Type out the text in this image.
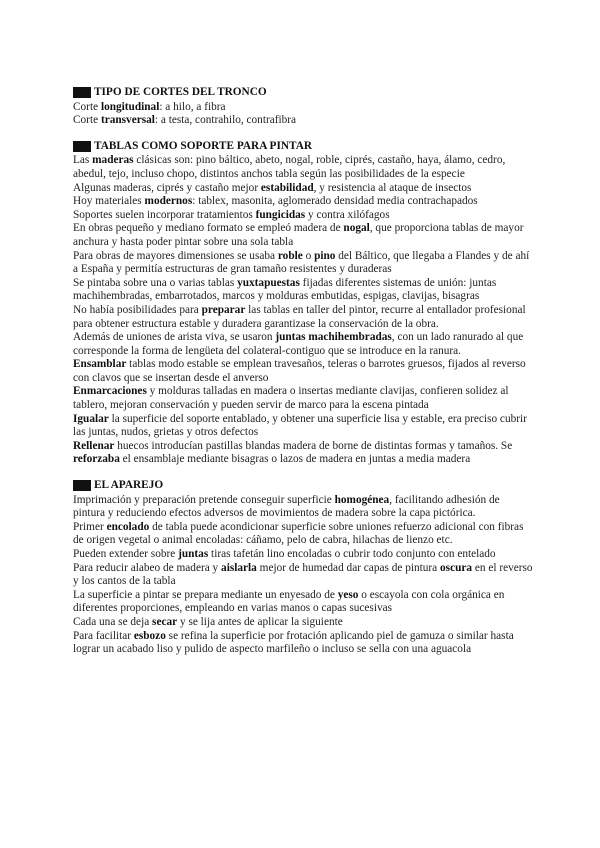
TIPO DE CORTES DEL TRONCO
Corte longitudinal: a hilo, a fibra
Corte transversal: a testa, contrahilo, contrafibra
TABLAS COMO SOPORTE PARA PINTAR
Las maderas clásicas son: pino báltico, abeto, nogal, roble, ciprés, castaño, haya, álamo, cedro, abedul, tejo, incluso chopo, distintos anchos tabla según las posibilidades de la especie
Algunas maderas, ciprés y castaño mejor estabilidad, y resistencia al ataque de insectos
Hoy materiales modernos: tablex, masonita, aglomerado densidad media contrachapados
Soportes suelen incorporar tratamientos fungicidas y contra xilófagos
En obras pequeño y mediano formato se empleó madera de nogal, que proporciona tablas de mayor anchura y hasta poder pintar sobre una sola tabla
Para obras de mayores dimensiones se usaba roble o pino del Báltico, que llegaba a Flandes y de ahí a España y permitía estructuras de gran tamaño resistentes y duraderas
Se pintaba sobre una o varias tablas yuxtapuestas fijadas diferentes sistemas de unión: juntas machihembradas, embarrotados, marcos y molduras embutidas, espigas, clavijas, bisagras
No había posibilidades para preparar las tablas en taller del pintor, recurre al entallador profesional para obtener estructura estable y duradera garantizase la conservación de la obra.
Además de uniones de arista viva, se usaron juntas machihembradas, con un lado ranurado al que corresponde la forma de lengüeta del colateral-contiguo que se introduce en la ranura.
Ensamblar tablas modo estable se emplean travesaños, teleras o barrotes gruesos, fijados al reverso con clavos que se insertan desde el anverso
Enmarcaciones y molduras talladas en madera o insertas mediante clavijas, confieren solidez al tablero, mejoran conservación y pueden servir de marco para la escena pintada
Igualar la superficie del soporte entablado, y obtener una superficie lisa y estable, era preciso cubrir las juntas, nudos, grietas y otros defectos
Rellenar huecos introducían pastillas blandas madera de borne de distintas formas y tamaños. Se reforzaba el ensamblaje mediante bisagras o lazos de madera en juntas a media madera
EL APAREJO
Imprimación y preparación pretende conseguir superficie homogénea, facilitando adhesión de pintura y reduciendo efectos adversos de movimientos de madera sobre la capa pictórica.
Primer encolado de tabla puede acondicionar superficie sobre uniones refuerzo adicional con fibras de origen vegetal o animal encoladas: cáñamo, pelo de cabra, hilachas de lienzo etc.
Pueden extender sobre juntas tiras tafetán lino encoladas o cubrir todo conjunto con entelado
Para reducir alabeo de madera y aislarla mejor de humedad dar capas de pintura oscura en el reverso y los cantos de la tabla
La superficie a pintar se prepara mediante un enyesado de yeso o escayola con cola orgánica en diferentes proporciones, empleando en varias manos o capas sucesivas
Cada una se deja secar y se lija antes de aplicar la siguiente
Para facilitar esbozo se refina la superficie por frotación aplicando piel de gamuza o similar hasta lograr un acabado liso y pulido de aspecto marfileño o incluso se sella con una aguacola
